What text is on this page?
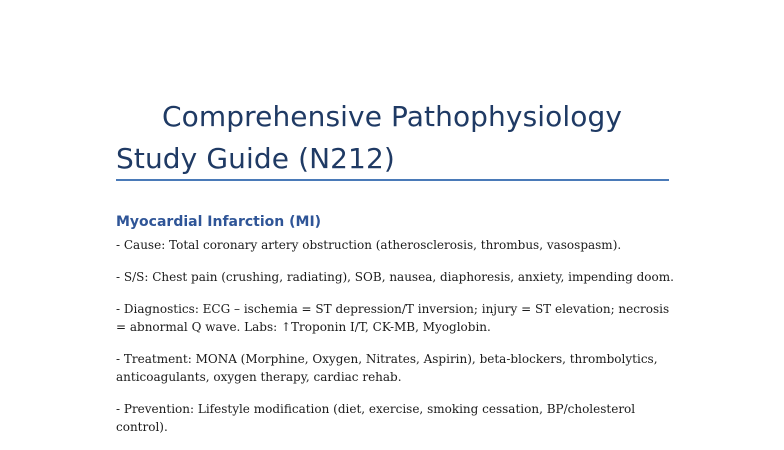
Comprehensive Pathophysiology Study Guide (N212)
Myocardial Infarction (MI)

- Cause: Total coronary artery obstruction (atherosclerosis, thrombus, vasospasm).

- S/S: Chest pain (crushing, radiating), SOB, nausea, diaphoresis, anxiety, impending doom.

- Diagnostics: ECG – ischemia = ST depression/T inversion; injury = ST elevation; necrosis = abnormal Q wave. Labs: ↑Troponin I/T, CK-MB, Myoglobin.

- Treatment: MONA (Morphine, Oxygen, Nitrates, Aspirin), beta-blockers, thrombolytics, anticoagulants, oxygen therapy, cardiac rehab.

- Prevention: Lifestyle modification (diet, exercise, smoking cessation, BP/cholesterol control).
